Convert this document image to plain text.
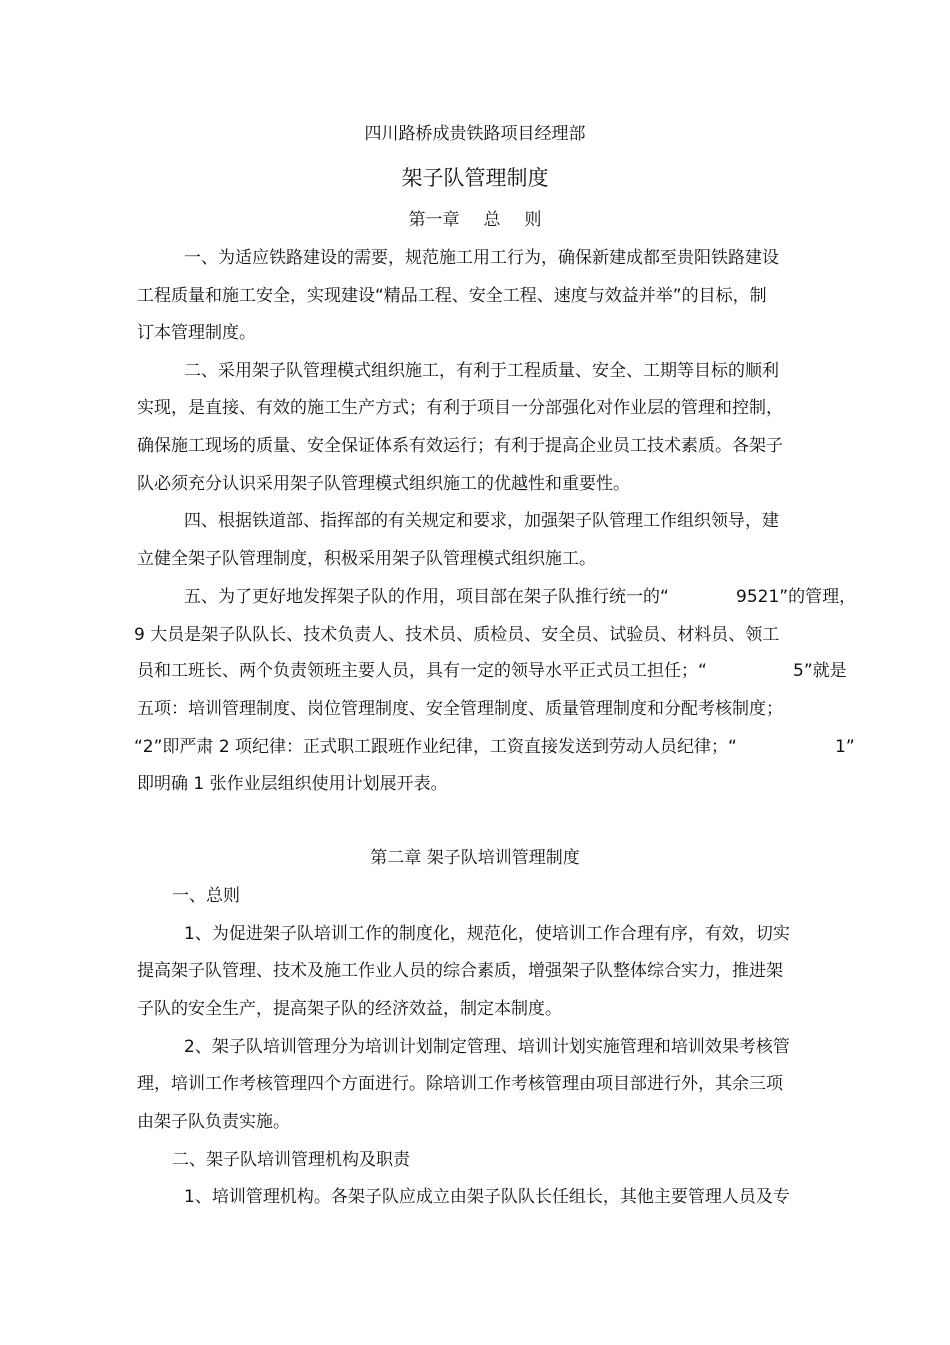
四川路桥成贵铁路项目经理部
架子队管理制度
第一章 总 则
一、为适应铁路建设的需要，规范施工用工行为，确保新建成都至贵阳铁路建设
工程质量和施工安全，实现建设“精品工程、安全工程、速度与效益并举”的目标，制
订本管理制度。
二、采用架子队管理模式组织施工，有利于工程质量、安全、工期等目标的顺利
实现，是直接、有效的施工生产方式；有利于项目一分部强化对作业层的管理和控制，
确保施工现场的质量、安全保证体系有效运行；有利于提高企业员工技术素质。各架子
队必须充分认识采用架子队管理模式组织施工的优越性和重要性。
四、根据铁道部、指挥部的有关规定和要求，加强架子队管理工作组织领导，建
立健全架子队管理制度，积极采用架子队管理模式组织施工。
五、为了更好地发挥架子队的作用，项目部在架子队推行统一的“	9521”的管理，
9 大员是架子队队长、技术负责人、技术员、质检员、安全员、试验员、材料员、领工
员和工班长、两个负责领班主要人员，具有一定的领导水平正式员工担任；“	5”就是
五项：培训管理制度、岗位管理制度、安全管理制度、质量管理制度和分配考核制度；
“2”即严肃 2 项纪律：正式职工跟班作业纪律，工资直接发送到劳动人员纪律；“	1”
即明确 1 张作业层组织使用计划展开表。
第二章 架子队培训管理制度
一、总则
1、为促进架子队培训工作的制度化，规范化，使培训工作合理有序，有效，切实
提高架子队管理、技术及施工作业人员的综合素质，增强架子队整体综合实力，推进架
子队的安全生产，提高架子队的经济效益，制定本制度。
2、架子队培训管理分为培训计划制定管理、培训计划实施管理和培训效果考核管
理，培训工作考核管理四个方面进行。除培训工作考核管理由项目部进行外，其余三项
由架子队负责实施。
二、架子队培训管理机构及职责
1、培训管理机构。各架子队应成立由架子队队长任组长，其他主要管理人员及专
